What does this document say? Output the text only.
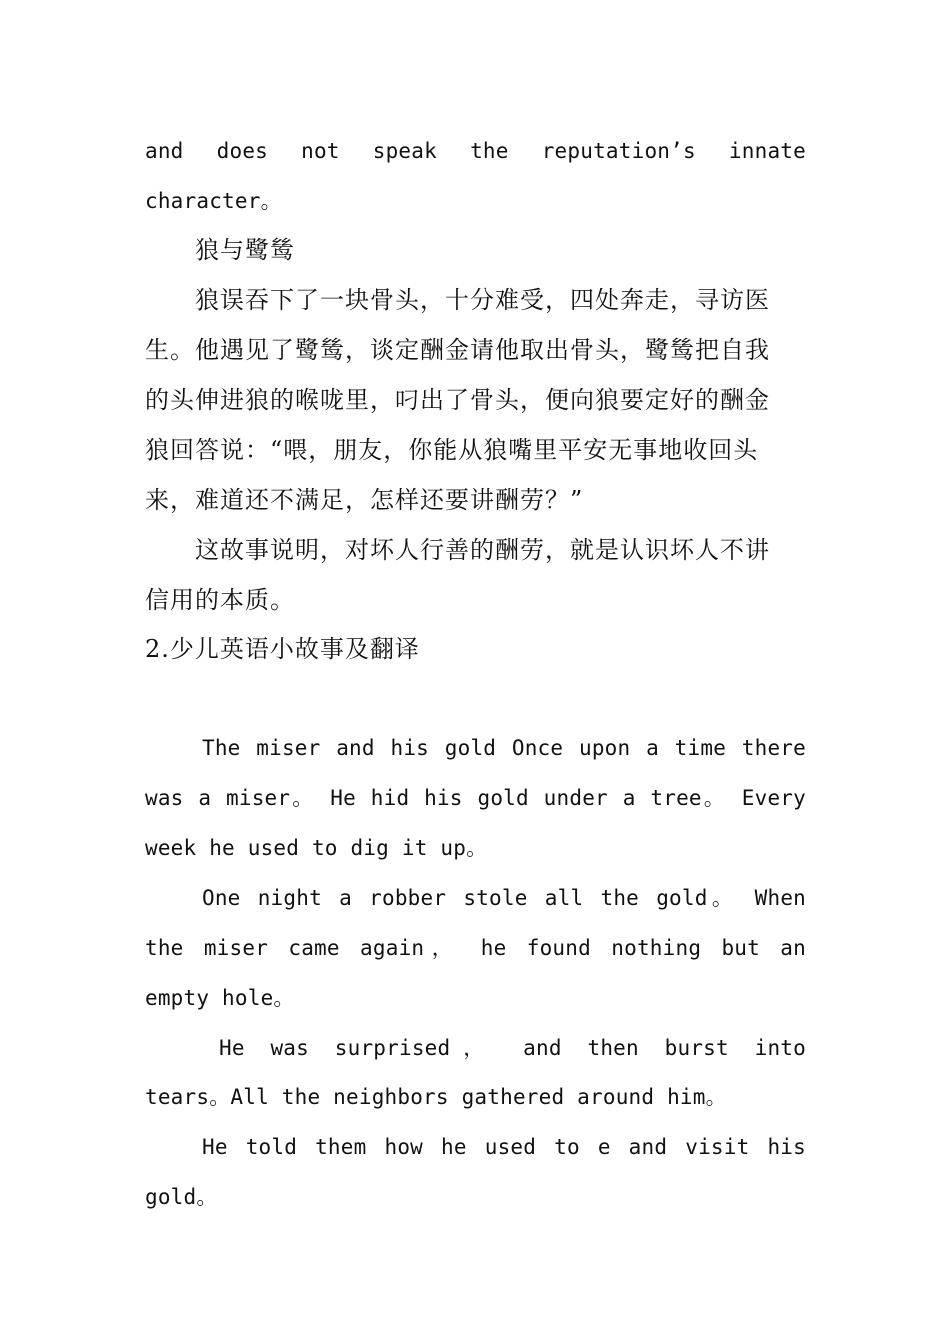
and does not speak the reputation’s innate
character。
狼与鹭鸶
狼误吞下了一块骨头，十分难受，四处奔走，寻访医
生。他遇见了鹭鸶，谈定酬金请他取出骨头，鹭鸶把自我
的头伸进狼的喉咙里，叼出了骨头，便向狼要定好的酬金
狼回答说：“喂，朋友，你能从狼嘴里平安无事地收回头
来，难道还不满足，怎样还要讲酬劳？”
这故事说明，对坏人行善的酬劳，就是认识坏人不讲
信用的本质。
2.少儿英语小故事及翻译
The miser and his gold Once upon a time there
was a miser。 He hid his gold under a tree。 Every
week he used to dig it up。
One night a robber stole all the gold。 When
the miser came again， he found nothing but an
empty hole。
He was surprised， and then burst into
tears。All the neighbors gathered around him。
He told them how he used to e and visit his
gold。
